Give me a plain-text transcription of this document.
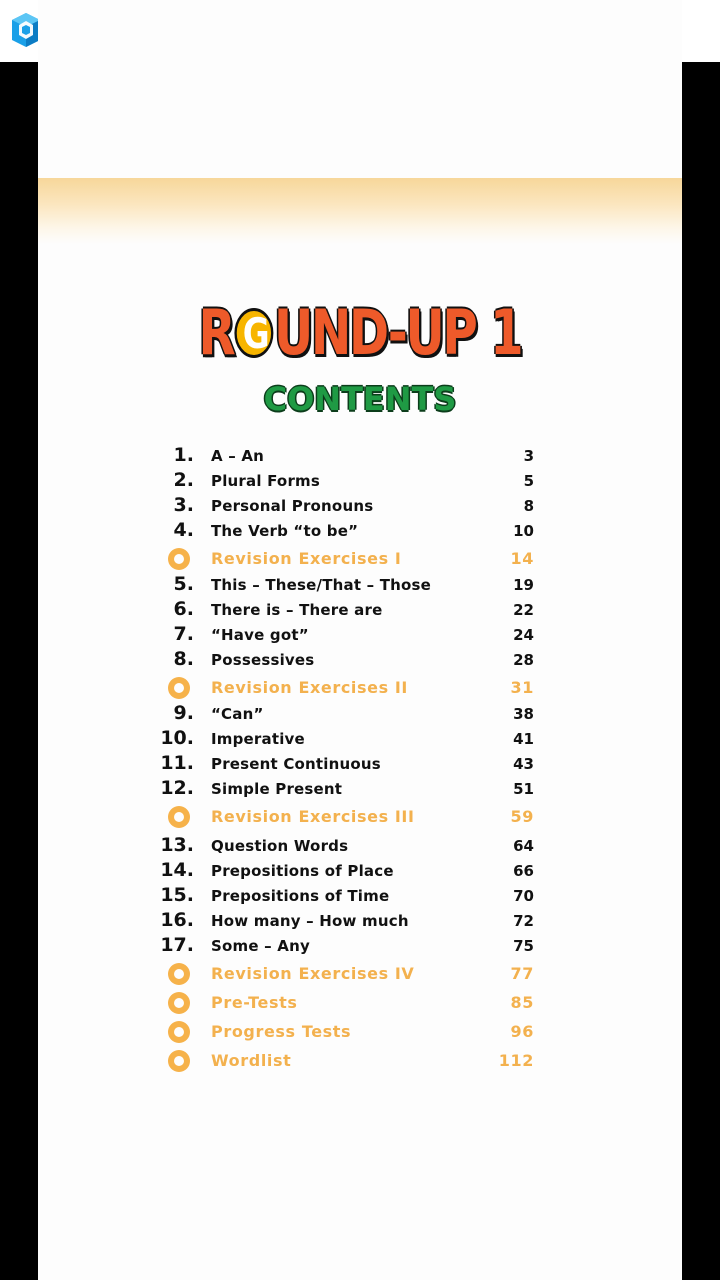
R G UND-UP 1
CONTENTS
1. A – An	3
2. Plural Forms	5
3. Personal Pronouns	8
4. The Verb “to be”	10
Revision Exercises I	14
5. This – These/That – Those	19
6. There is – There are	22
7. “Have got”	24
8. Possessives	28
Revision Exercises II	31
9. “Can”	38
10. Imperative	41
11. Present Continuous	43
12. Simple Present	51
Revision Exercises III	59
13. Question Words	64
14. Prepositions of Place	66
15. Prepositions of Time	70
16. How many – How much	72
17. Some – Any	75
Revision Exercises IV	77
Pre-Tests	85
Progress Tests	96
Wordlist	112
